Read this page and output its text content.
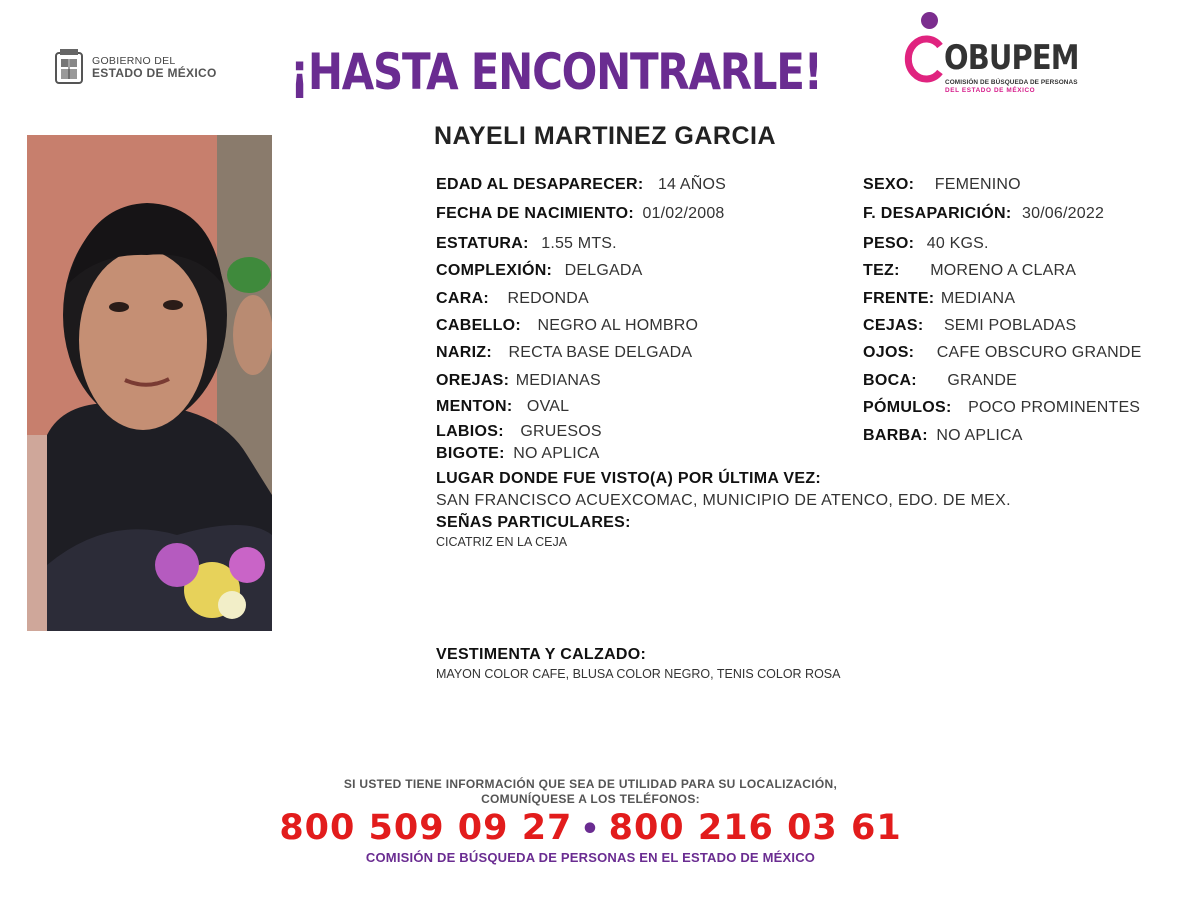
GOBIERNO DEL
ESTADO DE MÉXICO ¡HASTA ENCONTRARLE!	OBUPEM
COMISIÓN DE BÚSQUEDA DE PERSONAS
DEL ESTADO DE MÉXICO
NAYELI MARTINEZ GARCIA
EDAD AL DESAPARECER: 14 AÑOS
FECHA DE NACIMIENTO: 01/02/2008
ESTATURA: 1.55 MTS.
COMPLEXIÓN: DELGADA
CARA: REDONDA
CABELLO: NEGRO AL HOMBRO
NARIZ: RECTA BASE DELGADA
OREJAS: MEDIANAS
MENTON: OVAL
LABIOS: GRUESOS
BIGOTE: NO APLICA
SEXO: FEMENINO
F. DESAPARICIÓN: 30/06/2022
PESO: 40 KGS.
TEZ: MORENO A CLARA
FRENTE: MEDIANA
CEJAS: SEMI POBLADAS
OJOS: CAFE OBSCURO GRANDE
BOCA: GRANDE
PÓMULOS: POCO PROMINENTES
BARBA: NO APLICA
LUGAR DONDE FUE VISTO(A) POR ÚLTIMA VEZ:
SAN FRANCISCO ACUEXCOMAC, MUNICIPIO DE ATENCO, EDO. DE MEX.
SEÑAS PARTICULARES:
CICATRIZ EN LA CEJA
VESTIMENTA Y CALZADO:
MAYON COLOR CAFE, BLUSA COLOR NEGRO, TENIS COLOR ROSA
SI USTED TIENE INFORMACIÓN QUE SEA DE UTILIDAD PARA SU LOCALIZACIÓN,
COMUNÍQUESE A LOS TELÉFONOS:
800 509 09 27 • 800 216 03 61
COMISIÓN DE BÚSQUEDA DE PERSONAS EN EL ESTADO DE MÉXICO
